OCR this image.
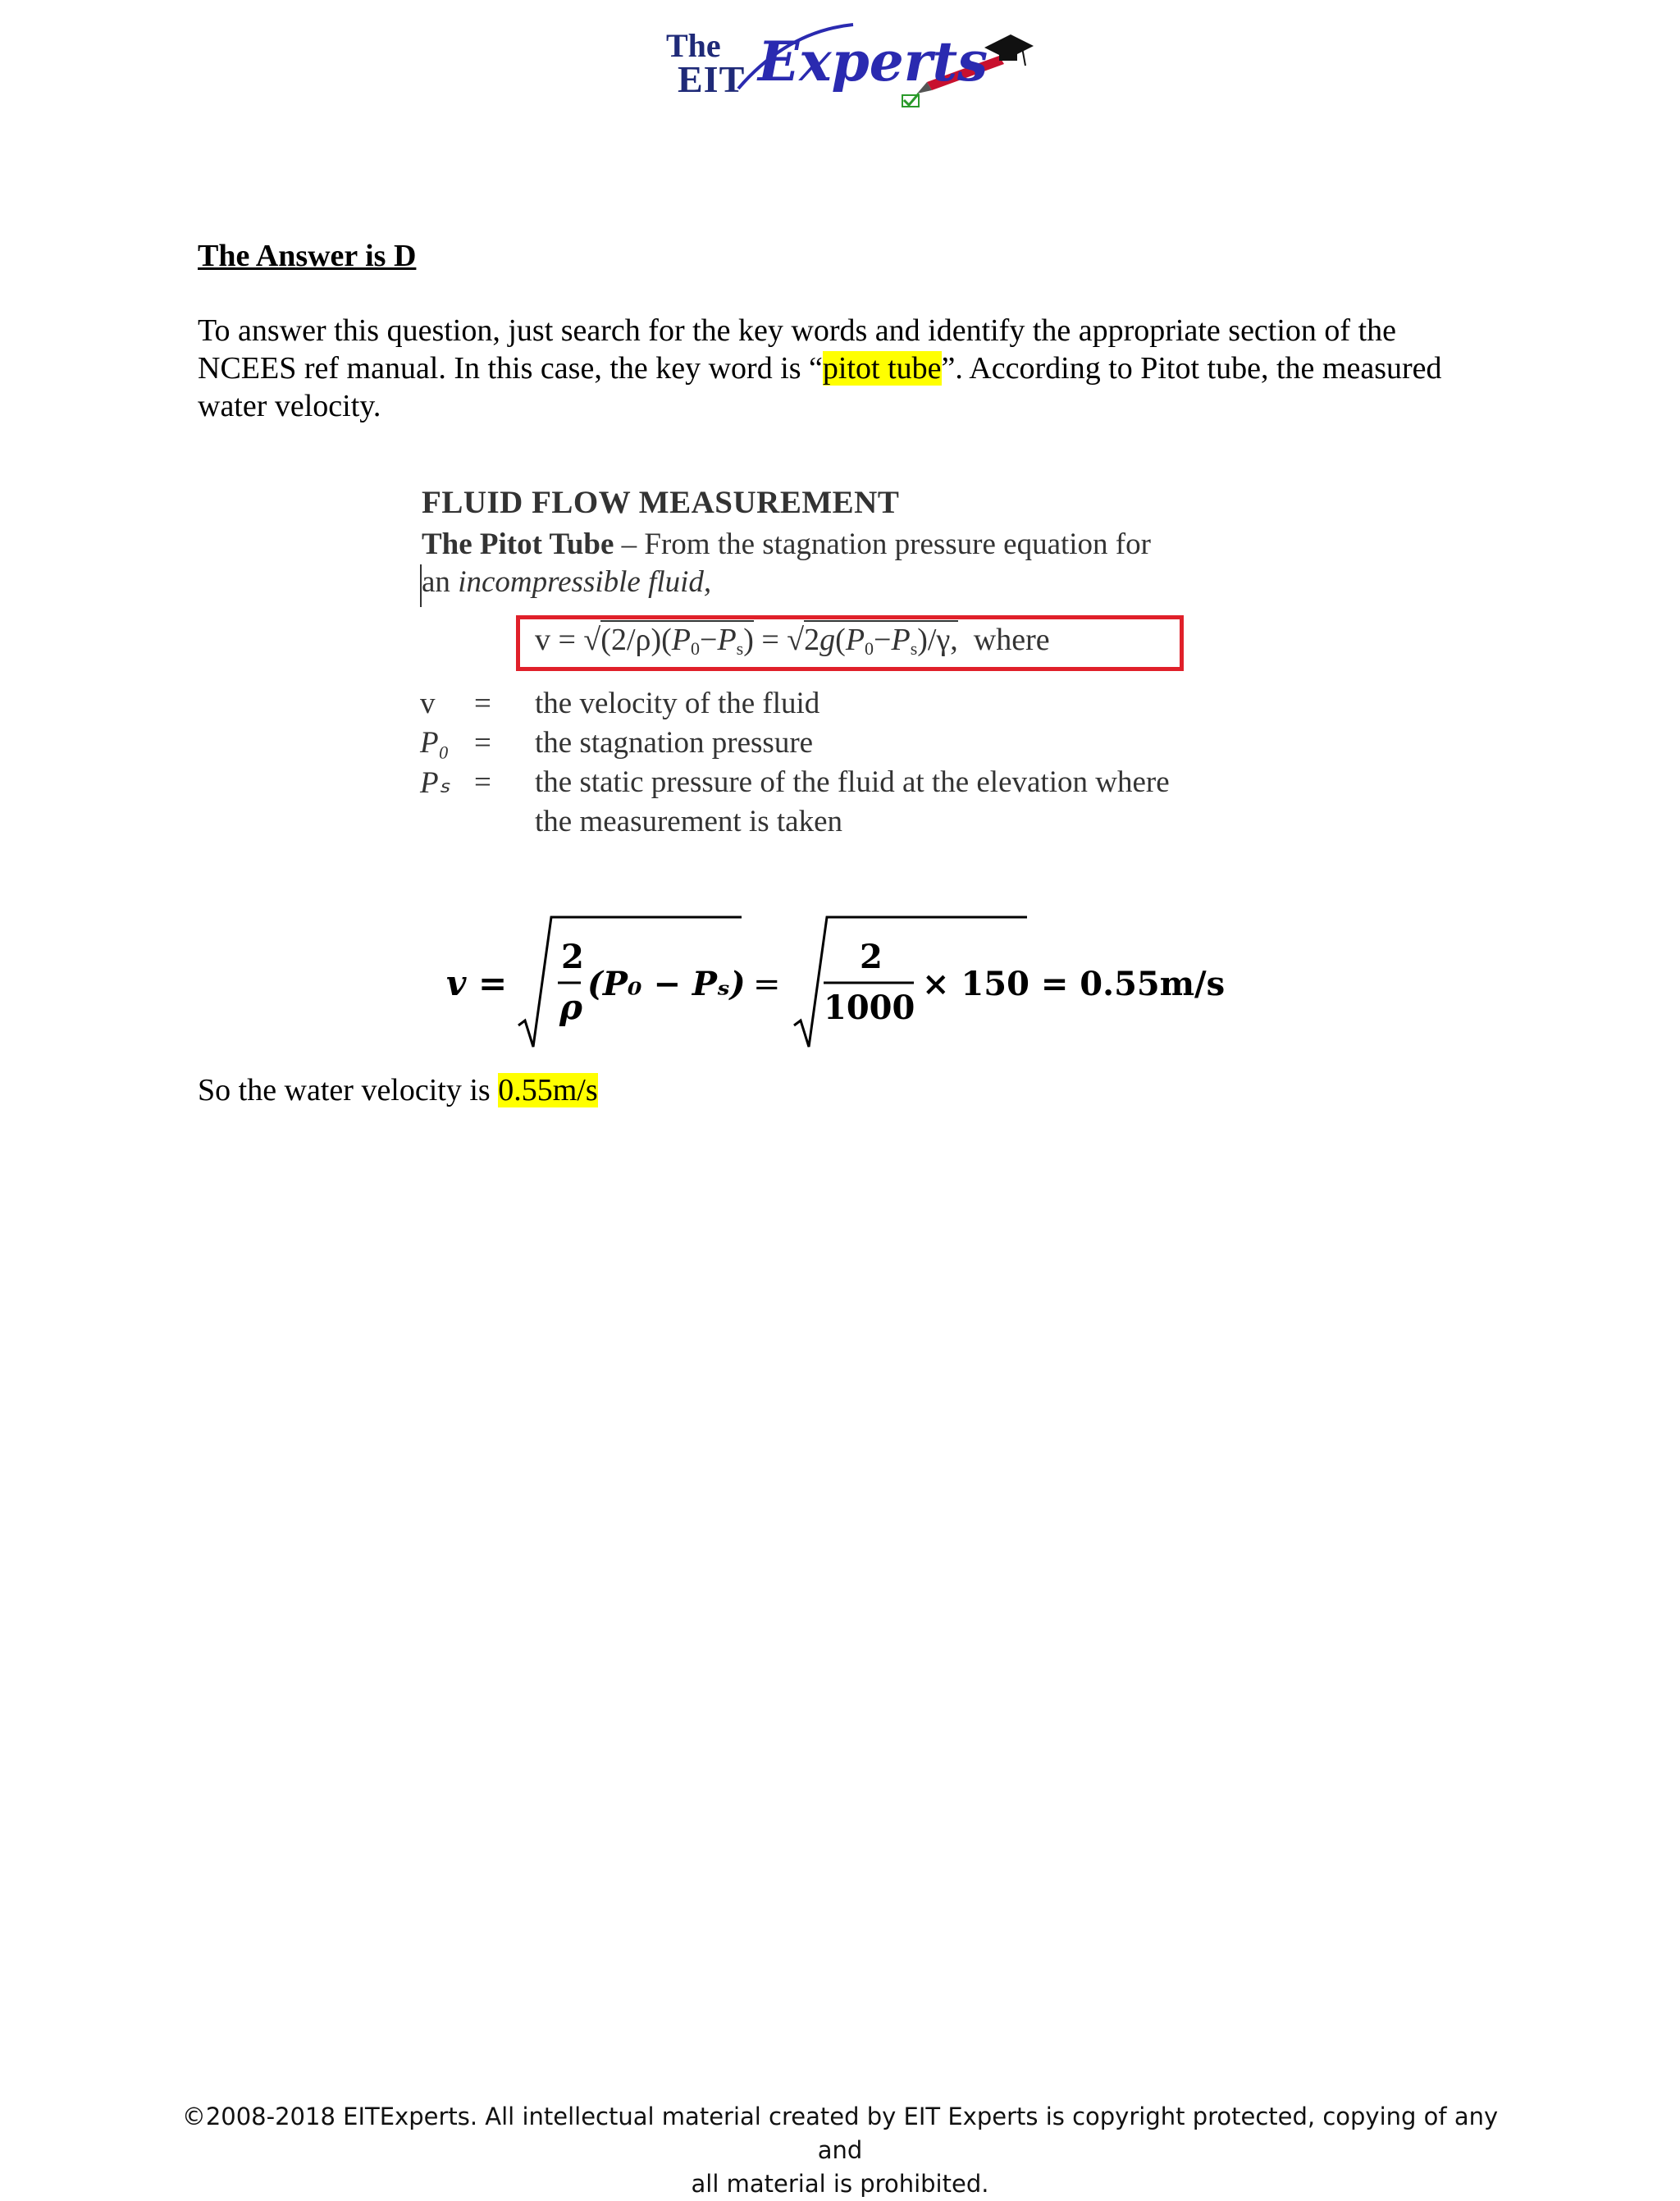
The
EIT Experts
The Answer is D
To answer this question, just search for the key words and identify the appropriate section of the NCEES ref manual. In this case, the key word is “pitot tube”. According to Pitot tube, the measured water velocity.
FLUID FLOW MEASUREMENT
The Pitot Tube – From the stagnation pressure equation for
an incompressible fluid,
$v = √(2/\rho)(P_0-P_s) = √2g(P_0-P_s)/\gamma$, where
v	= the velocity of the fluid
P₀ = the stagnation pressure
Pₛ = the static pressure of the fluid at the elevation where
the measurement is taken
v =
2
ρ
(P₀ − Pₛ) =
2
1000
× 150 = 0.55m/s
So the water velocity is 0.55m/s
©2008-2018 EITExperts. All intellectual material created by EIT Experts is copyright protected, copying of any and
all material is prohibited.
